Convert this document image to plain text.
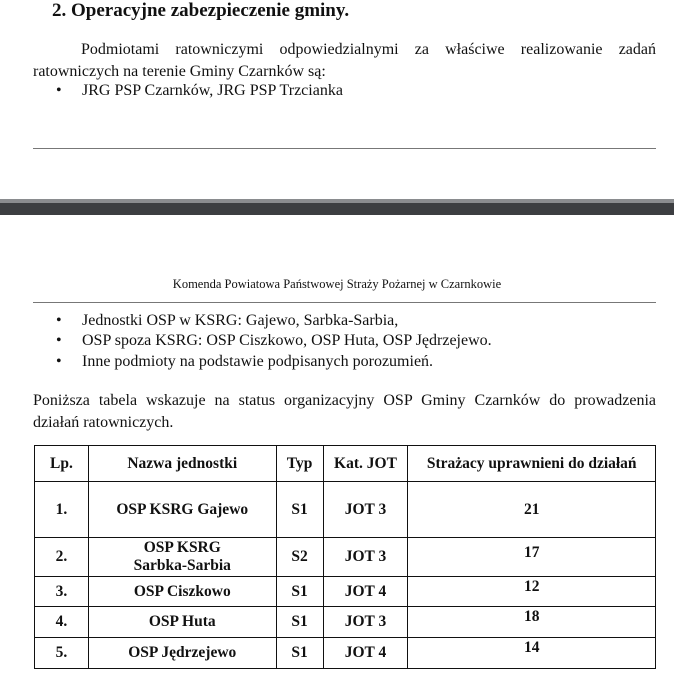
2. Operacyjne zabezpieczenie gminy.
Podmiotami ratowniczymi odpowiedzialnymi za właściwe realizowanie zadań ratowniczych na terenie Gminy Czarnków są:
• JRG PSP Czarnków, JRG PSP Trzcianka
Komenda Powiatowa Państwowej Straży Pożarnej w Czarnkowie
• Jednostki OSP w KSRG: Gajewo, Sarbka-Sarbia,
• OSP spoza KSRG: OSP Ciszkowo, OSP Huta, OSP Jędrzejewo.
• Inne podmioty na podstawie podpisanych porozumień.
Poniższa tabela wskazuje na status organizacyjny OSP Gminy Czarnków do prowadzenia działań ratowniczych.
Lp.	Nazwa jednostki	Typ	Kat. JOT	Strażacy uprawnieni do działań
1.	OSP KSRG Gajewo	S1	JOT 3	21
2.	OSP KSRG
Sarbka-Sarbia	S2	JOT 3	17
3.	OSP Ciszkowo	S1	JOT 4	12
4.	OSP Huta	S1	JOT 3	18
5.	OSP Jędrzejewo	S1	JOT 4	14
